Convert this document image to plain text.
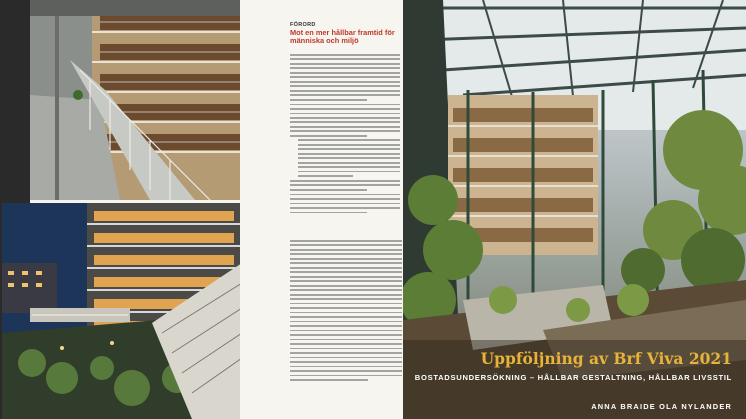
FÖRORD
Mot en mer hållbar framtid för människa och miljö
Uppföljning av Brf Viva 2021
BOSTADSUNDERSÖKNING – HÅLLBAR GESTALTNING, HÅLLBAR LIVSSTIL
ANNA BRAIDE OLA NYLANDER
